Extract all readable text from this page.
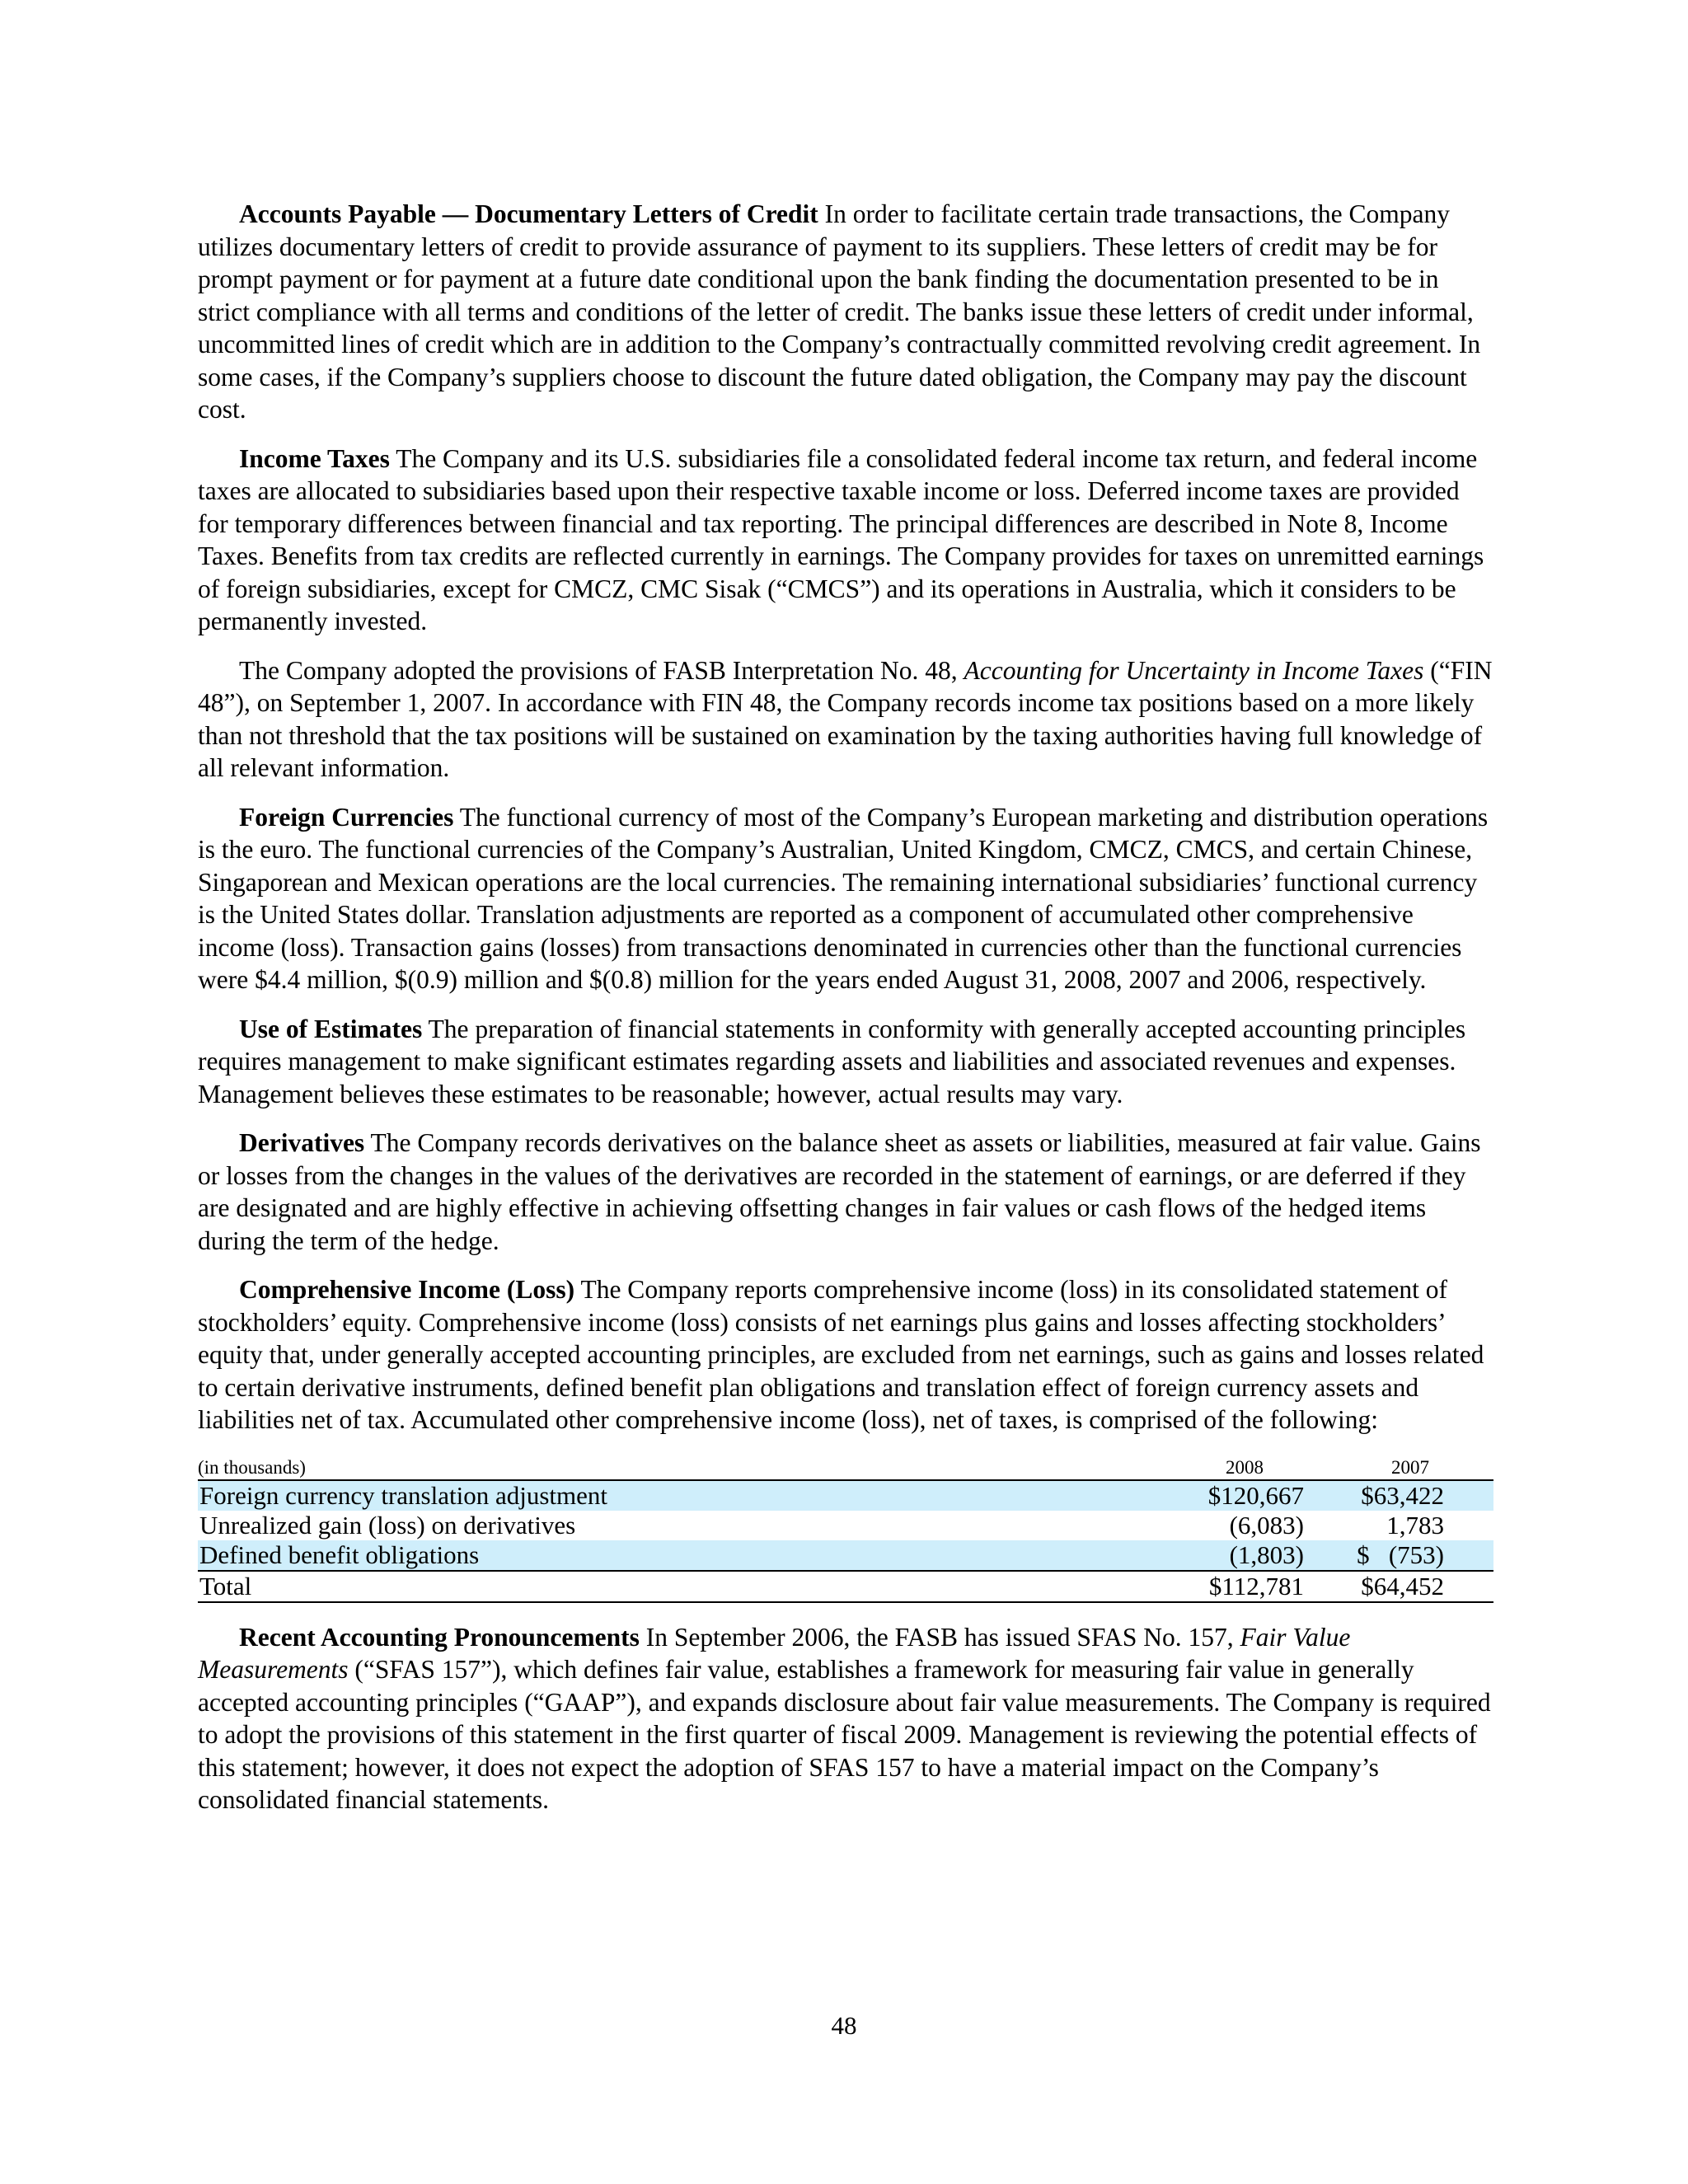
Accounts Payable — Documentary Letters of Credit In order to facilitate certain trade transactions, the Company utilizes documentary letters of credit to provide assurance of payment to its suppliers. These letters of credit may be for prompt payment or for payment at a future date conditional upon the bank finding the documentation presented to be in strict compliance with all terms and conditions of the letter of credit. The banks issue these letters of credit under informal, uncommitted lines of credit which are in addition to the Company’s contractually committed revolving credit agreement. In some cases, if the Company’s suppliers choose to discount the future dated obligation, the Company may pay the discount cost.

Income Taxes The Company and its U.S. subsidiaries file a consolidated federal income tax return, and federal income taxes are allocated to subsidiaries based upon their respective taxable income or loss. Deferred income taxes are provided for temporary differences between financial and tax reporting. The principal differences are described in Note 8, Income Taxes. Benefits from tax credits are reflected currently in earnings. The Company provides for taxes on unremitted earnings of foreign subsidiaries, except for CMCZ, CMC Sisak (“CMCS”) and its operations in Australia, which it considers to be permanently invested.

The Company adopted the provisions of FASB Interpretation No. 48, Accounting for Uncertainty in Income Taxes (“FIN 48”), on September 1, 2007. In accordance with FIN 48, the Company records income tax positions based on a more likely than not threshold that the tax positions will be sustained on examination by the taxing authorities having full knowledge of all relevant information.

Foreign Currencies The functional currency of most of the Company’s European marketing and distribution operations is the euro. The functional currencies of the Company’s Australian, United Kingdom, CMCZ, CMCS, and certain Chinese, Singaporean and Mexican operations are the local currencies. The remaining international subsidiaries’ functional currency is the United States dollar. Translation adjustments are reported as a component of accumulated other comprehensive income (loss). Transaction gains (losses) from transactions denominated in currencies other than the functional currencies were $4.4 million, $(0.9) million and $(0.8) million for the years ended August 31, 2008, 2007 and 2006, respectively.

Use of Estimates The preparation of financial statements in conformity with generally accepted accounting principles requires management to make significant estimates regarding assets and liabilities and associated revenues and expenses. Management believes these estimates to be reasonable; however, actual results may vary.

Derivatives The Company records derivatives on the balance sheet as assets or liabilities, measured at fair value. Gains or losses from the changes in the values of the derivatives are recorded in the statement of earnings, or are deferred if they are designated and are highly effective in achieving offsetting changes in fair values or cash flows of the hedged items during the term of the hedge.

Comprehensive Income (Loss) The Company reports comprehensive income (loss) in its consolidated statement of stockholders’ equity. Comprehensive income (loss) consists of net earnings plus gains and losses affecting stockholders’ equity that, under generally accepted accounting principles, are excluded from net earnings, such as gains and losses related to certain derivative instruments, defined benefit plan obligations and translation effect of foreign currency assets and liabilities net of tax. Accumulated other comprehensive income (loss), net of taxes, is comprised of the following:

(in thousands)	2008	2007
Foreign currency translation adjustment	$120,667	$63,422
Unrealized gain (loss) on derivatives	(6,083)	1,783
Defined benefit obligations	(1,803)	$   (753)
Total	$112,781	$64,452

Recent Accounting Pronouncements In September 2006, the FASB has issued SFAS No. 157, Fair Value Measurements (“SFAS 157”), which defines fair value, establishes a framework for measuring fair value in generally accepted accounting principles (“GAAP”), and expands disclosure about fair value measurements. The Company is required to adopt the provisions of this statement in the first quarter of fiscal 2009. Management is reviewing the potential effects of this statement; however, it does not expect the adoption of SFAS 157 to have a material impact on the Company’s consolidated financial statements.

48
